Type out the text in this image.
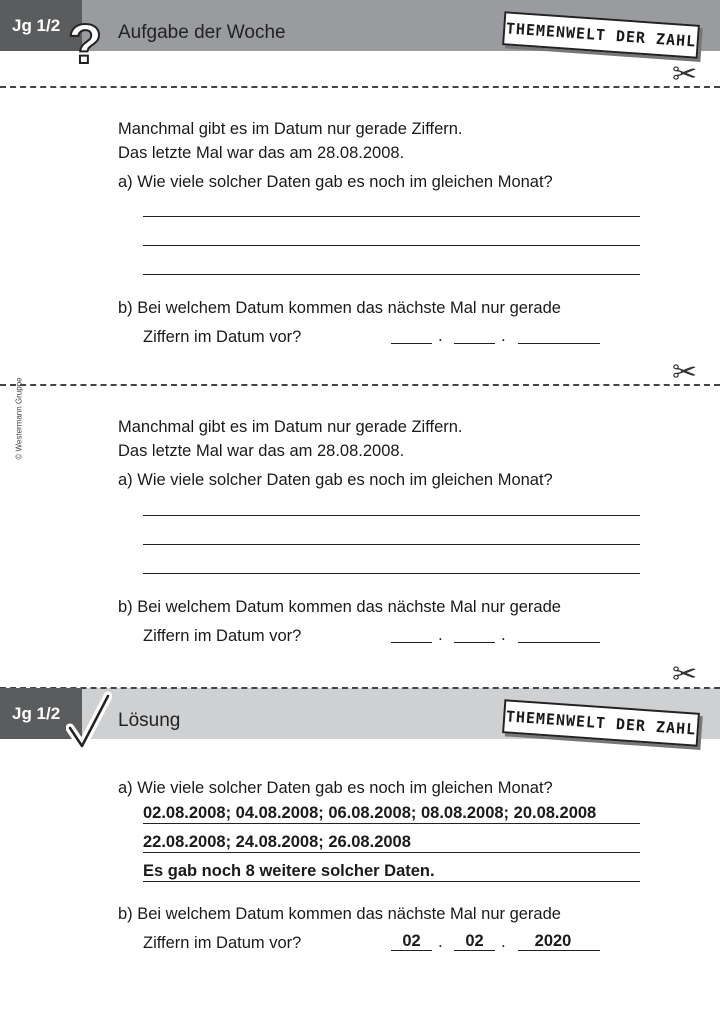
Jg 1/2 ? Aufgabe der Woche	THEMENWELT DER ZAHL
✂
© Westermann Gruppe
Manchmal gibt es im Datum nur gerade Ziffern.
Das letzte Mal war das am 28.08.2008.
a) Wie viele solcher Daten gab es noch im gleichen Monat?
b) Bei welchem Datum kommen das nächste Mal nur gerade
Ziffern im Datum vor?	.	.
✂
Manchmal gibt es im Datum nur gerade Ziffern.
Das letzte Mal war das am 28.08.2008.
a) Wie viele solcher Daten gab es noch im gleichen Monat?
b) Bei welchem Datum kommen das nächste Mal nur gerade
Ziffern im Datum vor?	.	.
✂
Jg 1/2	Lösung	THEMENWELT DER ZAHL
a) Wie viele solcher Daten gab es noch im gleichen Monat?
02.08.2008; 04.08.2008; 06.08.2008; 08.08.2008; 20.08.2008
22.08.2008; 24.08.2008; 26.08.2008
Es gab noch 8 weitere solcher Daten.
b) Bei welchem Datum kommen das nächste Mal nur gerade
Ziffern im Datum vor?	02	.	02	.	2020
